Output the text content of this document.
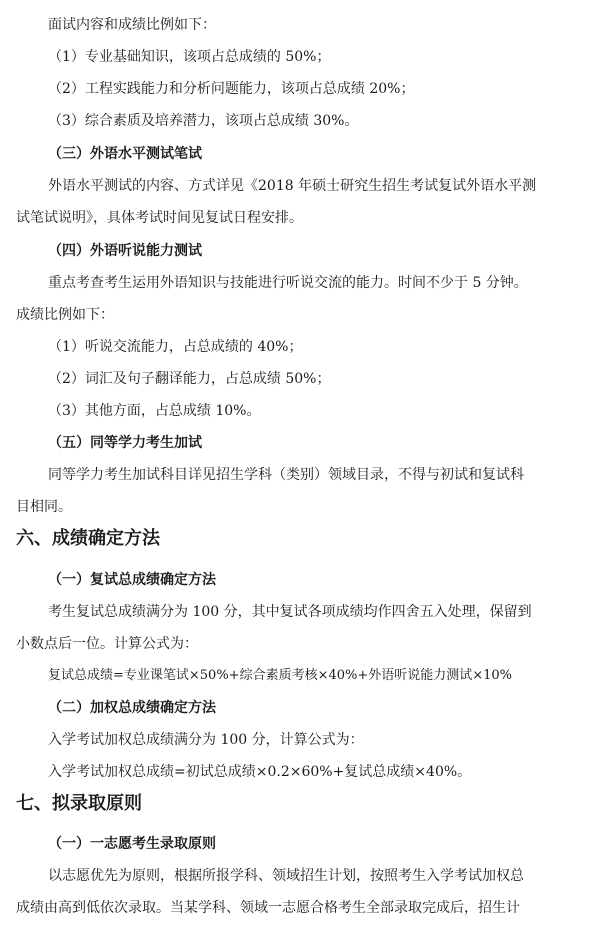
面试内容和成绩比例如下：
（1）专业基础知识，该项占总成绩的 50%；
（2）工程实践能力和分析问题能力，该项占总成绩 20%；
（3）综合素质及培养潜力，该项占总成绩 30%。
（三）外语水平测试笔试
外语水平测试的内容、方式详见《2018 年硕士研究生招生考试复试外语水平测
试笔试说明》，具体考试时间见复试日程安排。
（四）外语听说能力测试
重点考查考生运用外语知识与技能进行听说交流的能力。时间不少于 5 分钟。
成绩比例如下：
（1）听说交流能力，占总成绩的 40%；
（2）词汇及句子翻译能力，占总成绩 50%；
（3）其他方面，占总成绩 10%。
（五）同等学力考生加试
同等学力考生加试科目详见招生学科（类别）领域目录，不得与初试和复试科
目相同。
六、成绩确定方法
（一）复试总成绩确定方法
考生复试总成绩满分为 100 分，其中复试各项成绩均作四舍五入处理，保留到
小数点后一位。计算公式为：
复试总成绩=专业课笔试×50%+综合素质考核×40%+外语听说能力测试×10%
（二）加权总成绩确定方法
入学考试加权总成绩满分为 100 分，计算公式为：
入学考试加权总成绩=初试总成绩×0.2×60%+复试总成绩×40%。
七、拟录取原则
（一）一志愿考生录取原则
以志愿优先为原则，根据所报学科、领域招生计划，按照考生入学考试加权总
成绩由高到低依次录取。当某学科、领域一志愿合格考生全部录取完成后，招生计
